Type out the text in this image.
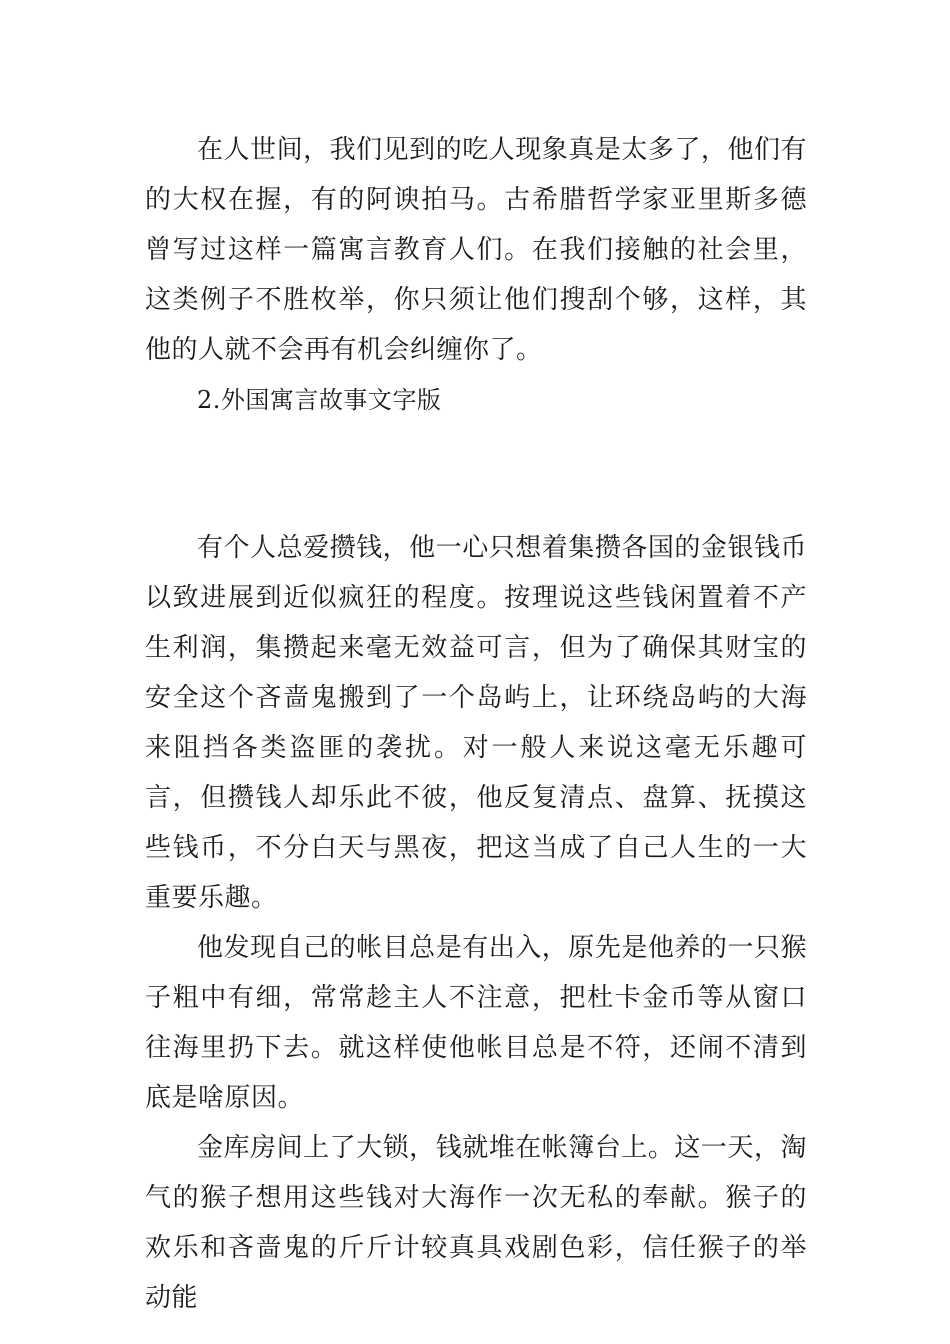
在人世间，我们见到的吃人现象真是太多了，他们有的大权在握，有的阿谀拍马。古希腊哲学家亚里斯多德曾写过这样一篇寓言教育人们。在我们接触的社会里，这类例子不胜枚举，你只须让他们搜刮个够，这样，其他的人就不会再有机会纠缠你了。

2.外国寓言故事文字版

有个人总爱攒钱，他一心只想着集攒各国的金银钱币以致进展到近似疯狂的程度。按理说这些钱闲置着不产生利润，集攒起来毫无效益可言，但为了确保其财宝的安全这个吝啬鬼搬到了一个岛屿上，让环绕岛屿的大海来阻挡各类盗匪的袭扰。对一般人来说这毫无乐趣可言，但攒钱人却乐此不彼，他反复清点、盘算、抚摸这些钱币，不分白天与黑夜，把这当成了自己人生的一大重要乐趣。

他发现自己的帐目总是有出入，原先是他养的一只猴子粗中有细，常常趁主人不注意，把杜卡金币等从窗口往海里扔下去。就这样使他帐目总是不符，还闹不清到底是啥原因。

金库房间上了大锁，钱就堆在帐簿台上。这一天，淘气的猴子想用这些钱对大海作一次无私的奉献。猴子的欢乐和吝啬鬼的斤斤计较真具戏剧色彩，信任猴子的举动能
